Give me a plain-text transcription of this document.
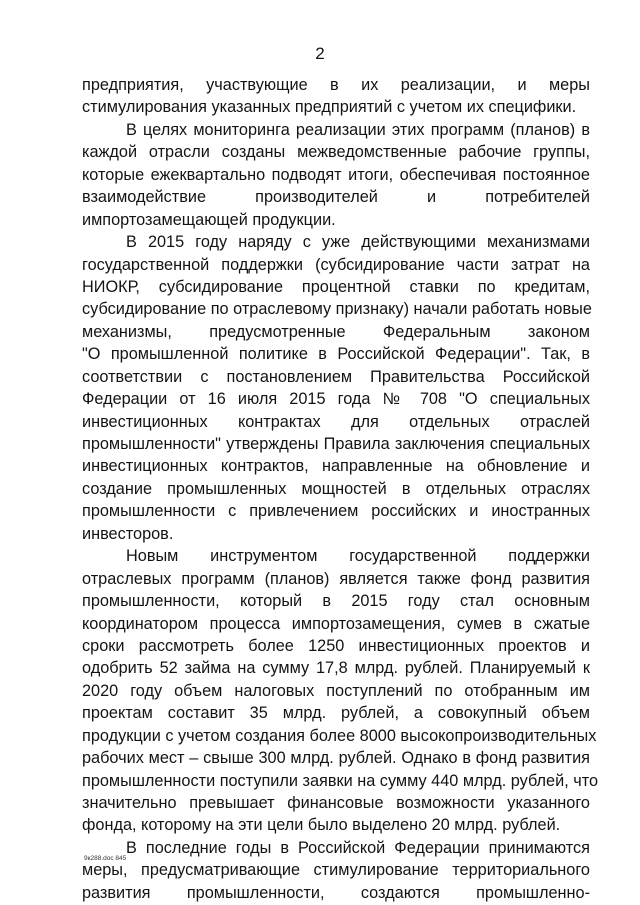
2
предприятия, участвующие в их реализации, и меры
стимулирования указанных предприятий с учетом их специфики.
В целях мониторинга реализации этих программ (планов) в
каждой отрасли созданы межведомственные рабочие группы,
которые ежеквартально подводят итоги, обеспечивая постоянное
взаимодействие производителей и потребителей
импортозамещающей продукции.
В 2015 году наряду с уже действующими механизмами
государственной поддержки (субсидирование части затрат на
НИОКР, субсидирование процентной ставки по кредитам,
субсидирование по отраслевому признаку) начали работать новые
механизмы, предусмотренные Федеральным законом
"О промышленной политике в Российской Федерации". Так, в
соответствии с постановлением Правительства Российской
Федерации от 16 июля 2015 года № 708 "О специальных
инвестиционных контрактах для отдельных отраслей
промышленности" утверждены Правила заключения специальных
инвестиционных контрактов, направленные на обновление и
создание промышленных мощностей в отдельных отраслях
промышленности с привлечением российских и иностранных
инвесторов.
Новым инструментом государственной поддержки
отраслевых программ (планов) является также фонд развития
промышленности, который в 2015 году стал основным
координатором процесса импортозамещения, сумев в сжатые
сроки рассмотреть более 1250 инвестиционных проектов и
одобрить 52 займа на сумму 17,8 млрд. рублей. Планируемый к
2020 году объем налоговых поступлений по отобранным им
проектам составит 35 млрд. рублей, а совокупный объем
продукции с учетом создания более 8000 высокопроизводительных
рабочих мест – свыше 300 млрд. рублей. Однако в фонд развития
промышленности поступили заявки на сумму 440 млрд. рублей, что
значительно превышает финансовые возможности указанного
фонда, которому на эти цели было выделено 20 млрд. рублей.
В последние годы в Российской Федерации принимаются
меры, предусматривающие стимулирование территориального
развития промышленности, создаются промышленно-
9к288.doc 845
